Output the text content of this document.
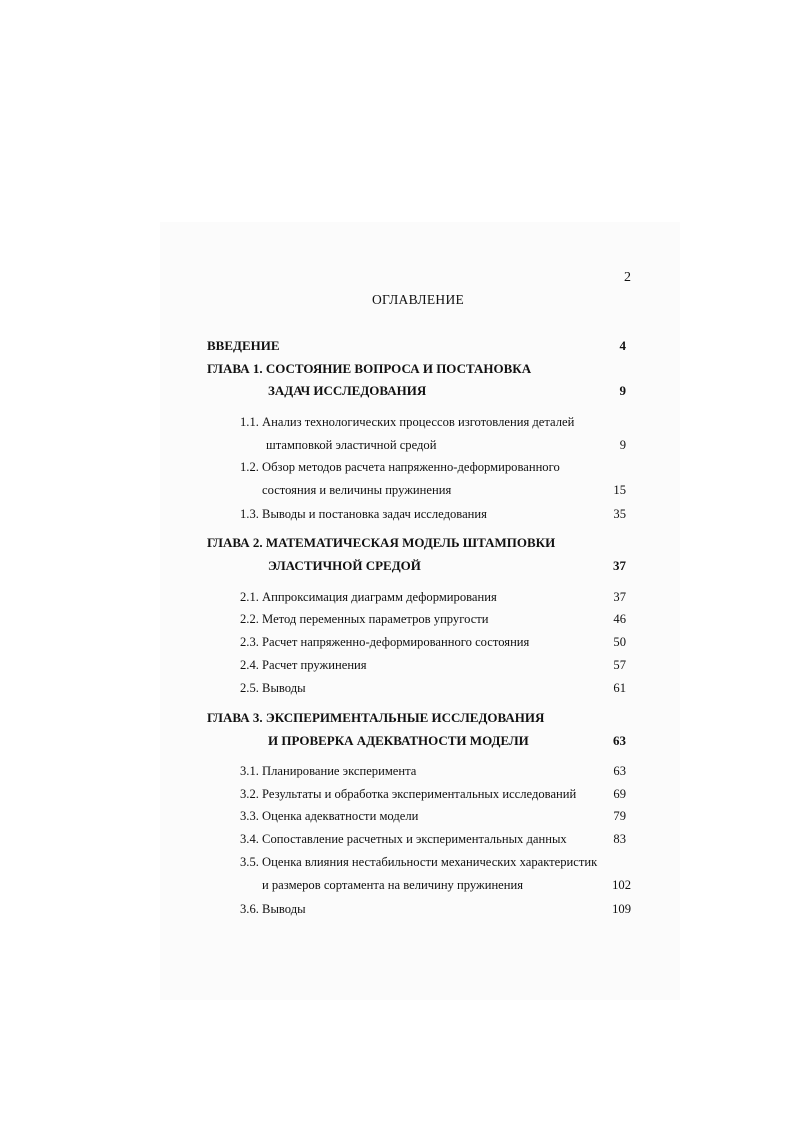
2
ОГЛАВЛЕНИЕ
ВВЕДЕНИЕ	4
ГЛАВА 1. СОСТОЯНИЕ ВОПРОСА И ПОСТАНОВКА
ЗАДАЧ ИССЛЕДОВАНИЯ	9
1.1. Анализ технологических процессов изготовления деталей
штамповкой эластичной средой	9
1.2. Обзор методов расчета напряженно-деформированного
состояния и величины пружинения	15
1.3. Выводы и постановка задач исследования	35
ГЛАВА 2. МАТЕМАТИЧЕСКАЯ МОДЕЛЬ ШТАМПОВКИ
ЭЛАСТИЧНОЙ СРЕДОЙ	37
2.1. Аппроксимация диаграмм деформирования	37
2.2. Метод переменных параметров упругости	46
2.3. Расчет напряженно-деформированного состояния	50
2.4. Расчет пружинения	57
2.5. Выводы	61
ГЛАВА 3. ЭКСПЕРИМЕНТАЛЬНЫЕ ИССЛЕДОВАНИЯ
И ПРОВЕРКА АДЕКВАТНОСТИ МОДЕЛИ	63
3.1. Планирование эксперимента	63
3.2. Результаты и обработка экспериментальных исследований	69
3.3. Оценка адекватности модели	79
3.4. Сопоставление расчетных и экспериментальных данных	83
3.5. Оценка влияния нестабильности механических характеристик
и размеров сортамента на величину пружинения	102
3.6. Выводы	109
